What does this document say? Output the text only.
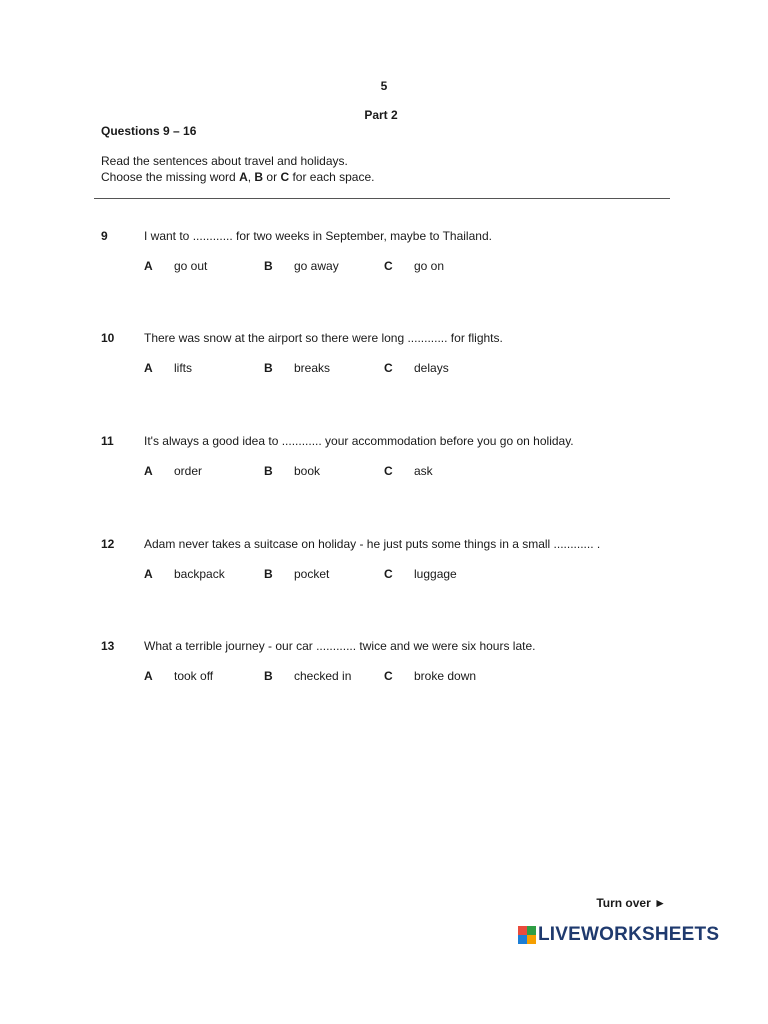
5
Part 2
Questions 9 – 16
Read the sentences about travel and holidays.
Choose the missing word A, B or C for each space.
9	I want to ............ for two weeks in September, maybe to Thailand.
A go out	B go away	C go on
10 There was snow at the airport so there were long ............ for flights.
A lifts	B breaks	C delays
11	It's always a good idea to ............ your accommodation before you go on holiday.
A order	B book	C ask
12 Adam never takes a suitcase on holiday - he just puts some things in a small ............ .
A backpack	B pocket	C luggage
13 What a terrible journey - our car ............ twice and we were six hours late.
A took off	B checked in	C broke down
Turn over ►
LIVEWORKSHEETS
